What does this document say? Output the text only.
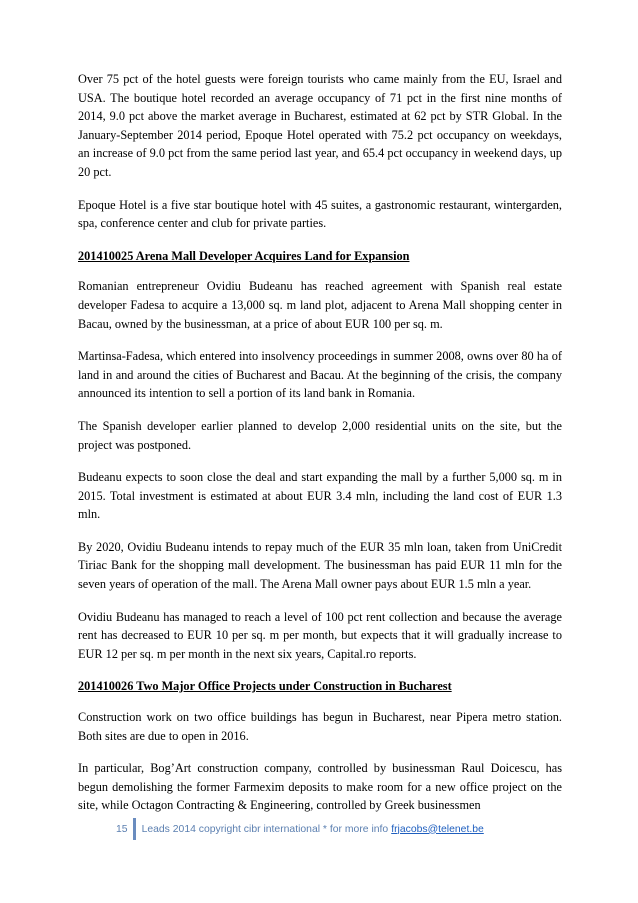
Over 75 pct of the hotel guests were foreign tourists who came mainly from the EU, Israel and USA. The boutique hotel recorded an average occupancy of 71 pct in the first nine months of 2014, 9.0 pct above the market average in Bucharest, estimated at 62 pct by STR Global. In the January-September 2014 period, Epoque Hotel operated with 75.2 pct occupancy on weekdays, an increase of 9.0 pct from the same period last year, and 65.4 pct occupancy in weekend days, up 20 pct.

Epoque Hotel is a five star boutique hotel with 45 suites, a gastronomic restaurant, wintergarden, spa, conference center and club for private parties.

201410025 Arena Mall Developer Acquires Land for Expansion

Romanian entrepreneur Ovidiu Budeanu has reached agreement with Spanish real estate developer Fadesa to acquire a 13,000 sq. m land plot, adjacent to Arena Mall shopping center in Bacau, owned by the businessman, at a price of about EUR 100 per sq. m.

Martinsa-Fadesa, which entered into insolvency proceedings in summer 2008, owns over 80 ha of land in and around the cities of Bucharest and Bacau. At the beginning of the crisis, the company announced its intention to sell a portion of its land bank in Romania.

The Spanish developer earlier planned to develop 2,000 residential units on the site, but the project was postponed.

Budeanu expects to soon close the deal and start expanding the mall by a further 5,000 sq. m in 2015. Total investment is estimated at about EUR 3.4 mln, including the land cost of EUR 1.3 mln.

By 2020, Ovidiu Budeanu intends to repay much of the EUR 35 mln loan, taken from UniCredit Tiriac Bank for the shopping mall development. The businessman has paid EUR 11 mln for the seven years of operation of the mall. The Arena Mall owner pays about EUR 1.5 mln a year.

Ovidiu Budeanu has managed to reach a level of 100 pct rent collection and because the average rent has decreased to EUR 10 per sq. m per month, but expects that it will gradually increase to EUR 12 per sq. m per month in the next six years, Capital.ro reports.

201410026 Two Major Office Projects under Construction in Bucharest

Construction work on two office buildings has begun in Bucharest, near Pipera metro station. Both sites are due to open in 2016.

In particular, Bog’Art construction company, controlled by businessman Raul Doicescu, has begun demolishing the former Farmexim deposits to make room for a new office project on the site, while Octagon Contracting & Engineering, controlled by Greek businessmen

15 Leads 2014 copyright cibr international * for more info frjacobs@telenet.be
